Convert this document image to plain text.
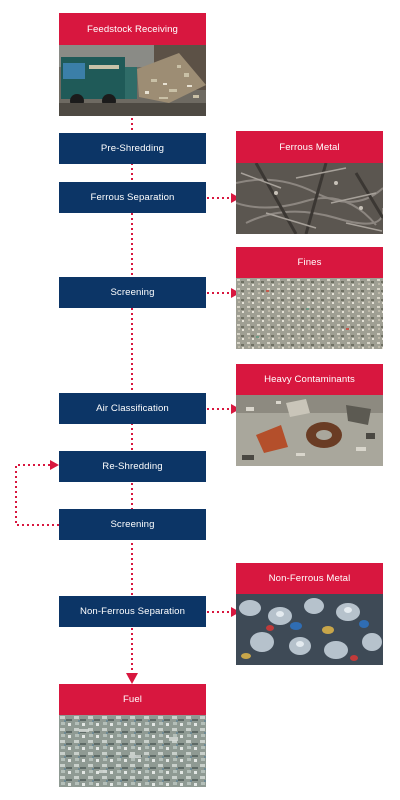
Feedstock Receiving
Pre-Shredding
Ferrous Separation
Screening
Air Classification
Re-Shredding
Screening
Non-Ferrous Separation
Fuel
Ferrous Metal
Fines
Heavy Contaminants
Non-Ferrous Metal
